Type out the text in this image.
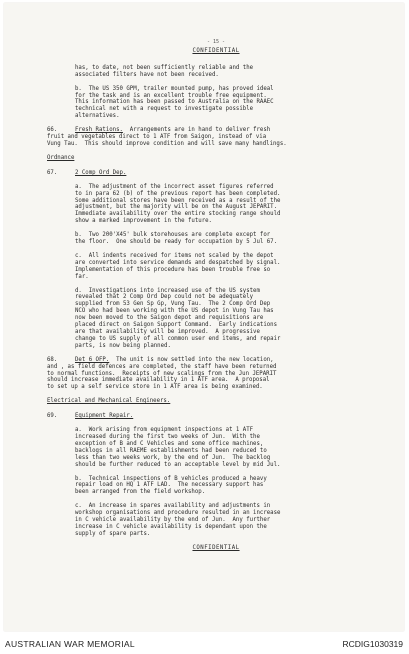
- 15 -
CONFIDENTIAL
has, to date, not been sufficiently reliable and the
associated filters have not been received.
b.  The US 350 GPM, trailer mounted pump, has proved ideal
for the task and is an excellent trouble free equipment.
This information has been passed to Australia on the RAAEC
technical net with a request to investigate possible
alternatives.
66.	Fresh Rations.  Arrangements are in hand to deliver fresh
fruit and vegetables direct to 1 ATF from Saigon, instead of via
Vung Tau.  This should improve condition and will save many handlings.
Ordnance
67.	2 Comp Ord Dep.
a.  The adjustment of the incorrect asset figures referred
to in para 62 (b) of the previous report has been completed.
Some additional stores have been received as a result of the
adjustment, but the majority will be on the August JEPARIT.
Immediate availability over the entire stocking range should
show a marked improvement in the future.
b.  Two 200'X45' bulk storehouses are complete except for
the floor.  One should be ready for occupation by 5 Jul 67.
c.  All indents received for items not scaled by the depot
are converted into service demands and despatched by signal.
Implementation of this procedure has been trouble free so
far.
d.  Investigations into increased use of the US system
revealed that 2 Comp Ord Dep could not be adequately
supplied from 53 Gen Sp Gp, Vung Tau.  The 2 Comp Ord Dep
NCO who had been working with the US depot in Vung Tau has
now been moved to the Saigon depot and requisitions are
placed direct on Saigon Support Command.  Early indications
are that availability will be improved.  A progressive
change to US supply of all common user end items, and repair
parts, is now being planned.
68.	Det 6 OFP.  The unit is now settled into the new location,
and , as field defences are completed, the staff have been returned
to normal functions.  Receipts of new scalings from the Jun JEPARIT
should increase immediate availability in 1 ATF area.  A proposal
to set up a self service store in 1 ATF area is being examined.
Electrical and Mechanical Engineers.
69.	Equipment Repair.
a.  Work arising from equipment inspections at 1 ATF
increased during the first two weeks of Jun.  With the
exception of B and C Vehicles and some office machines,
backlogs in all RAEME establishments had been reduced to
less than two weeks work, by the end of Jun.  The backlog
should be further reduced to an acceptable level by mid Jul.
b.  Technical inspections of B vehicles produced a heavy
repair load on HQ 1 ATF LAD.  The necessary support has
been arranged from the field workshop.
c.  An increase in spares availability and adjustments in
workshop organisations and procedure resulted in an increase
in C vehicle availability by the end of Jun.  Any further
increase in C vehicle availability is dependant upon the
supply of spare parts.
CONFIDENTIAL
AUSTRALIAN WAR MEMORIAL	RCDIG1030319
